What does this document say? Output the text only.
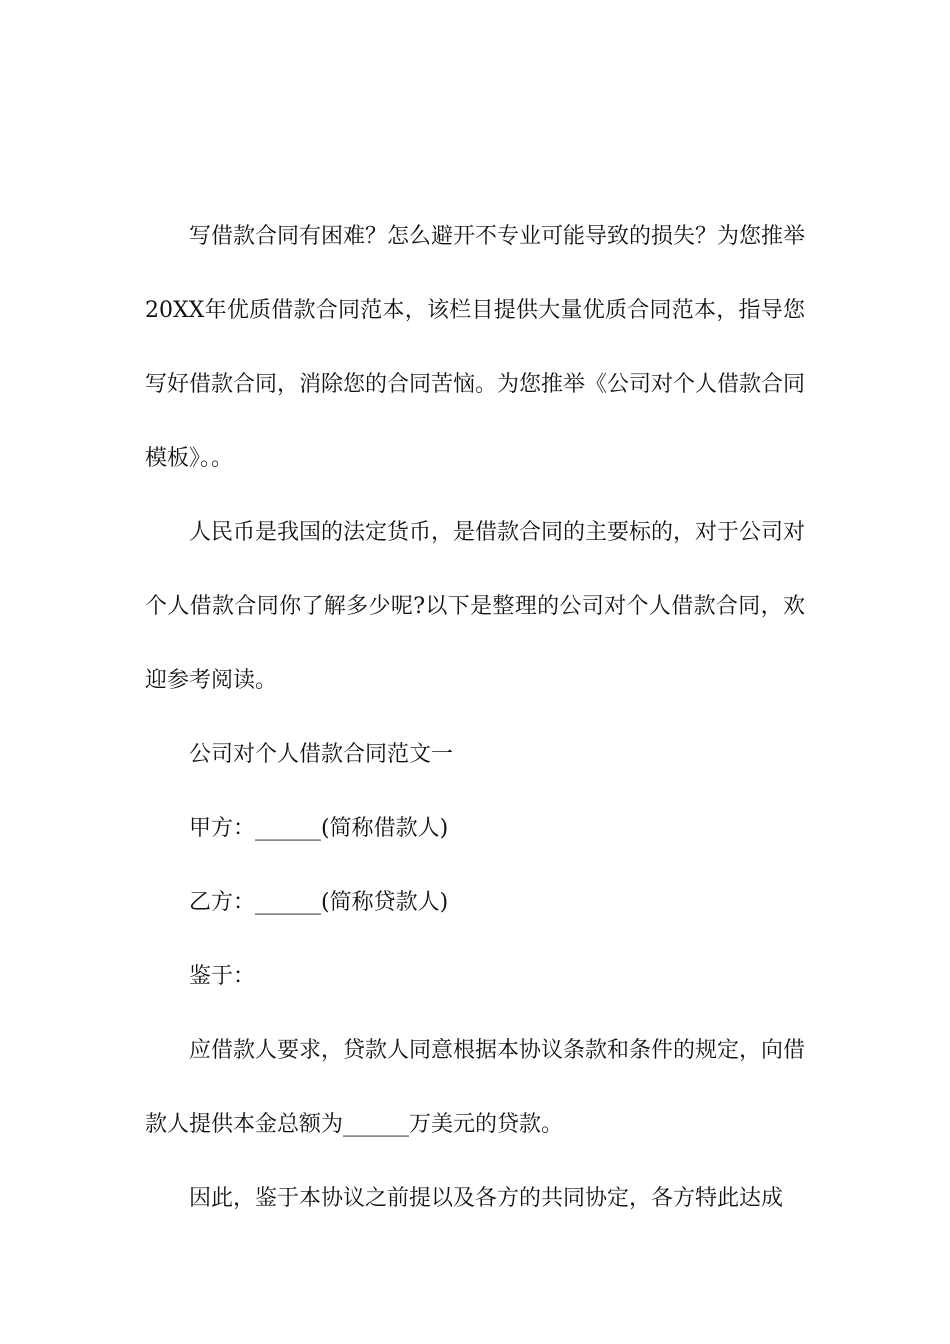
写借款合同有困难？怎么避开不专业可能导致的损失？为您推举20XX年优质借款合同范本，该栏目提供大量优质合同范本，指导您写好借款合同，消除您的合同苦恼。为您推举《公司对个人借款合同模板》。。

人民币是我国的法定货币，是借款合同的主要标的，对于公司对个人借款合同你了解多少呢?以下是整理的公司对个人借款合同，欢迎参考阅读。

公司对个人借款合同范文一

甲方：______(简称借款人)

乙方：______(简称贷款人)

鉴于：

应借款人要求，贷款人同意根据本协议条款和条件的规定，向借款人提供本金总额为______万美元的贷款。

因此，鉴于本协议之前提以及各方的共同协定，各方特此达成
